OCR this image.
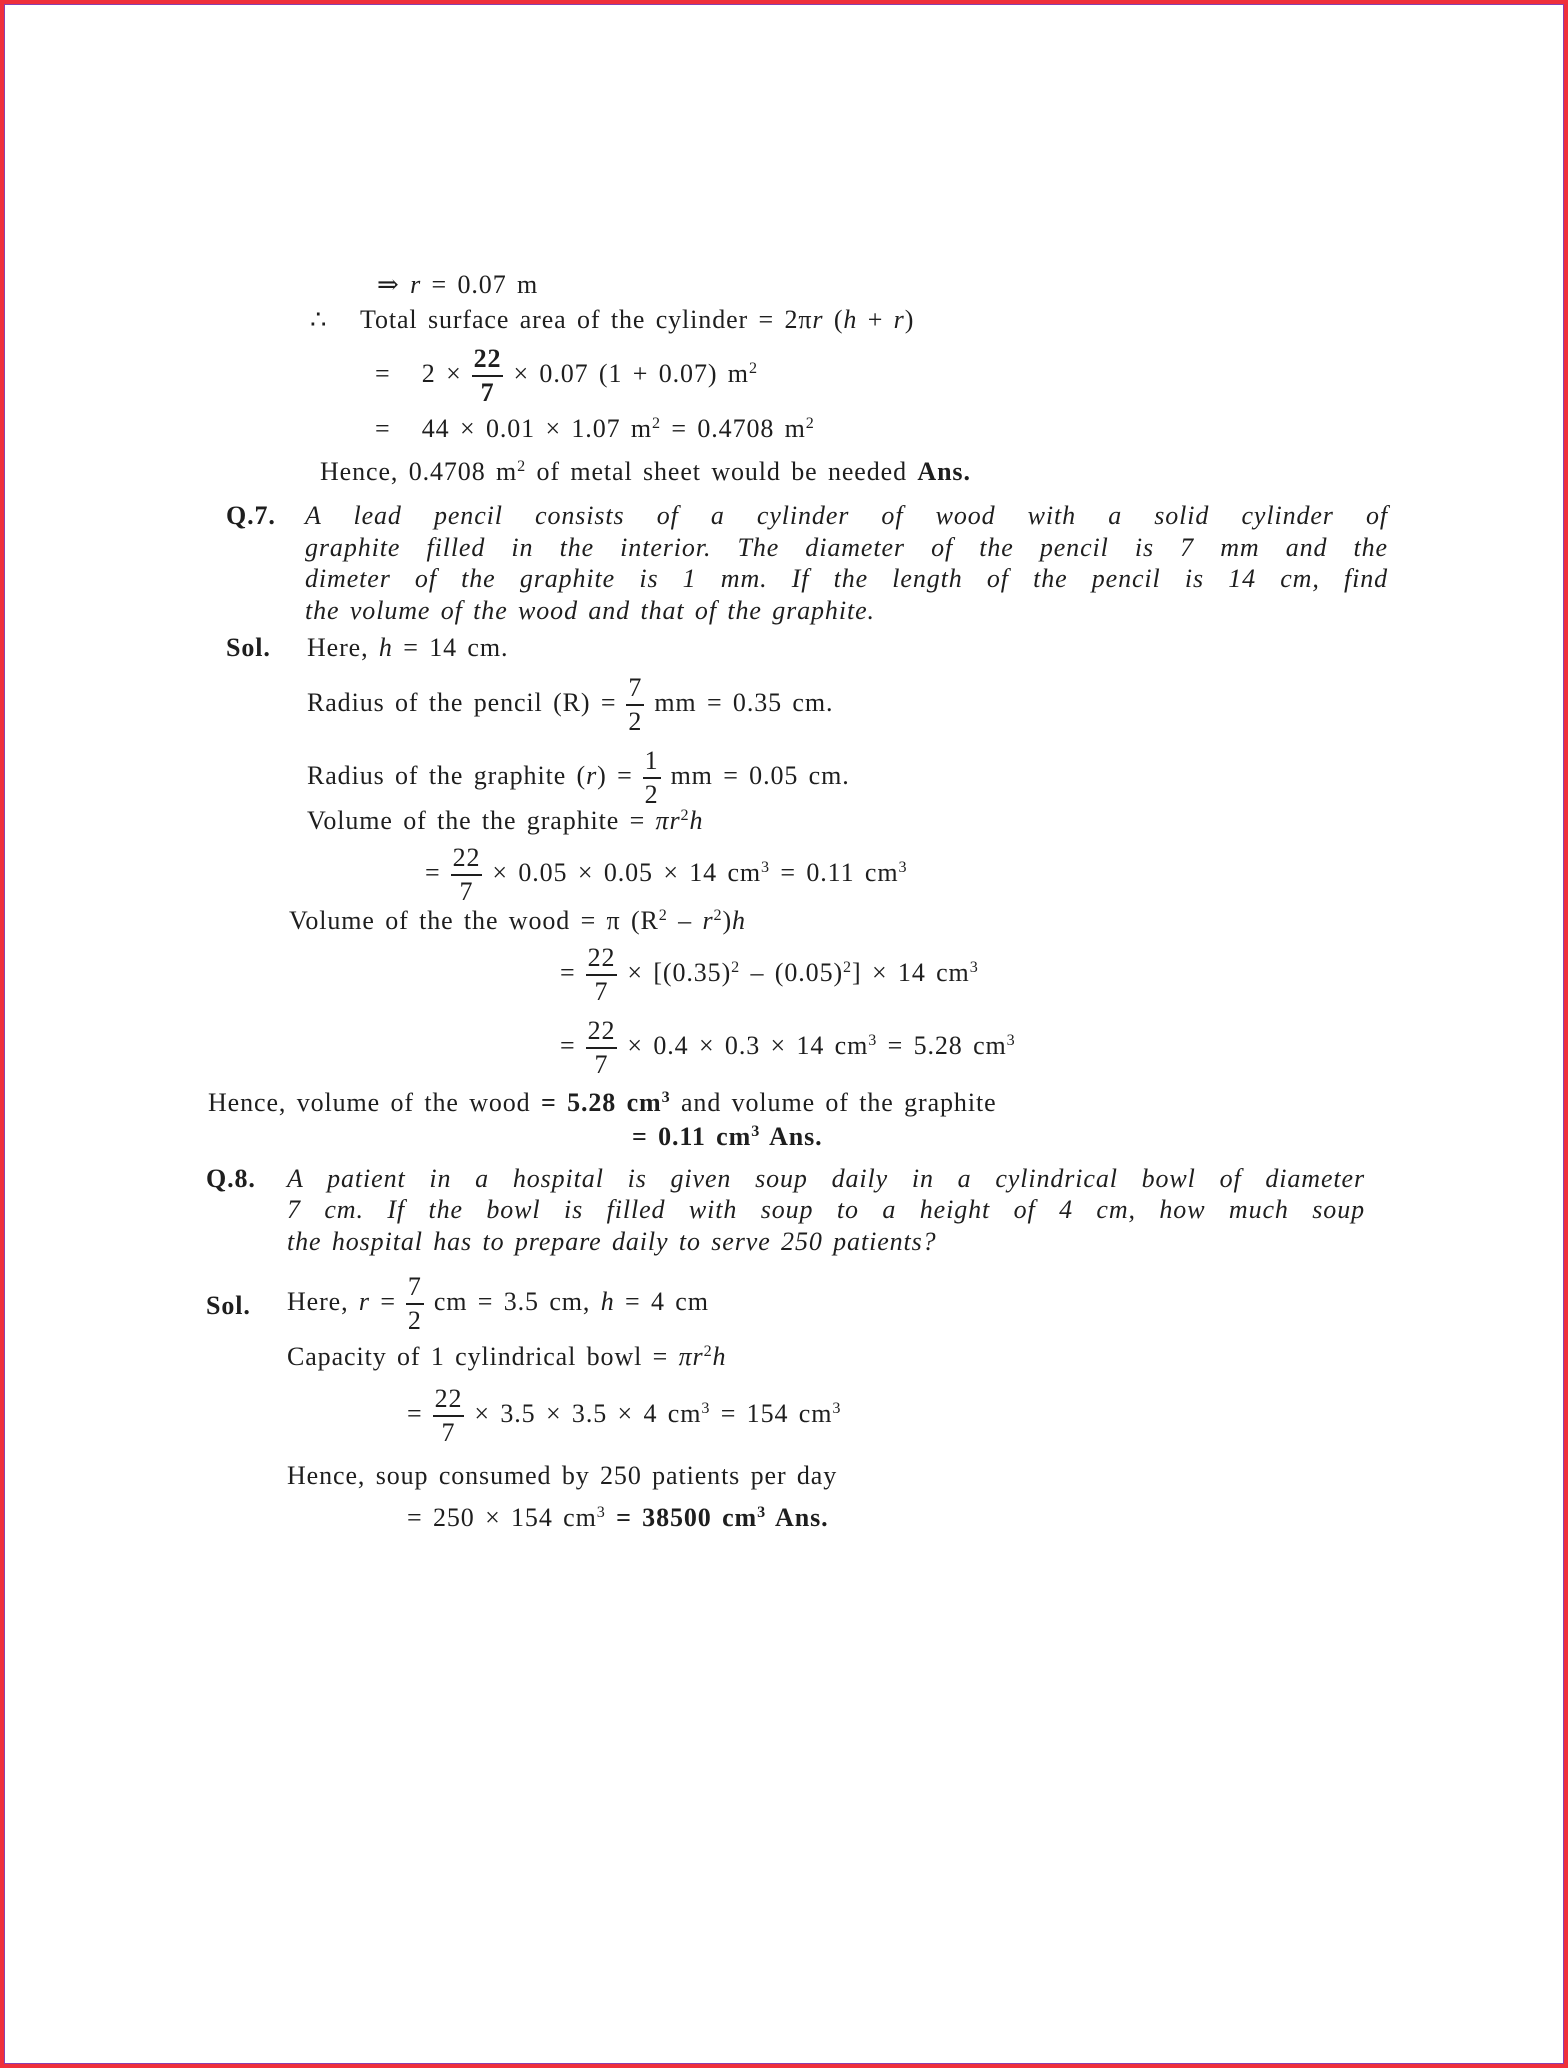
⇒ r = 0.07 m
∴ Total surface area of the cylinder = 2πr (h + r)
= $2 \times \frac{22}{7} \times 0.07$ (1 + 0.07) $m^2$
= 44 × 0.01 × 1.07 $m^2 = 0.4708$ $m^2$
Hence, 0.4708 $m^2$ of metal sheet would be needed Ans.
Q.7. A lead pencil consists of a cylinder of wood with a solid cylinder of
graphite filled in the interior. The diameter of the pencil is 7 mm and the
dimeter of the graphite is 1 mm. If the length of the pencil is 14 cm, find
the volume of the wood and that of the graphite.
Sol. Here, h = 14 cm.
Radius of the pencil $(R) = \frac{7}{2}$ mm = 0.35 cm.
Radius of the graphite $(r) = \frac{1}{2}$ mm = 0.05 cm.
Volume of the the graphite = $\pi r^2h$
= $\frac{22}{7} \times 0.05 \times 0.05 \times 14$ $cm^3 = 0.11$ $cm^3$
Volume of the the wood = π $(R^2 - r^2)h$
= $\frac{22}{7} \times [(0.35)^2 - (0.05)^2] \times 14$ $cm^3$
= $\frac{22}{7} \times 0.4 \times 0.3 \times 14$ $cm^3 = 5.28$ $cm^3$
Hence, volume of the wood = 5.28 $cm^3$ and volume of the graphite
= 0.11 $cm^3$ Ans.
Q.8. A patient in a hospital is given soup daily in a cylindrical bowl of diameter
7 cm. If the bowl is filled with soup to a height of 4 cm, how much soup
the hospital has to prepare daily to serve 250 patients?
Sol. Here, $r = \frac{7}{2}$ cm = 3.5 cm, h = 4 cm
Capacity of 1 cylindrical bowl = $\pi r^2h$
= $\frac{22}{7} \times 3.5 \times 3.5 \times 4$ $cm^3 = 154$ $cm^3$
Hence, soup consumed by 250 patients per day
= 250 × 154 $cm^3 = 38500$ $cm^3$ Ans.
